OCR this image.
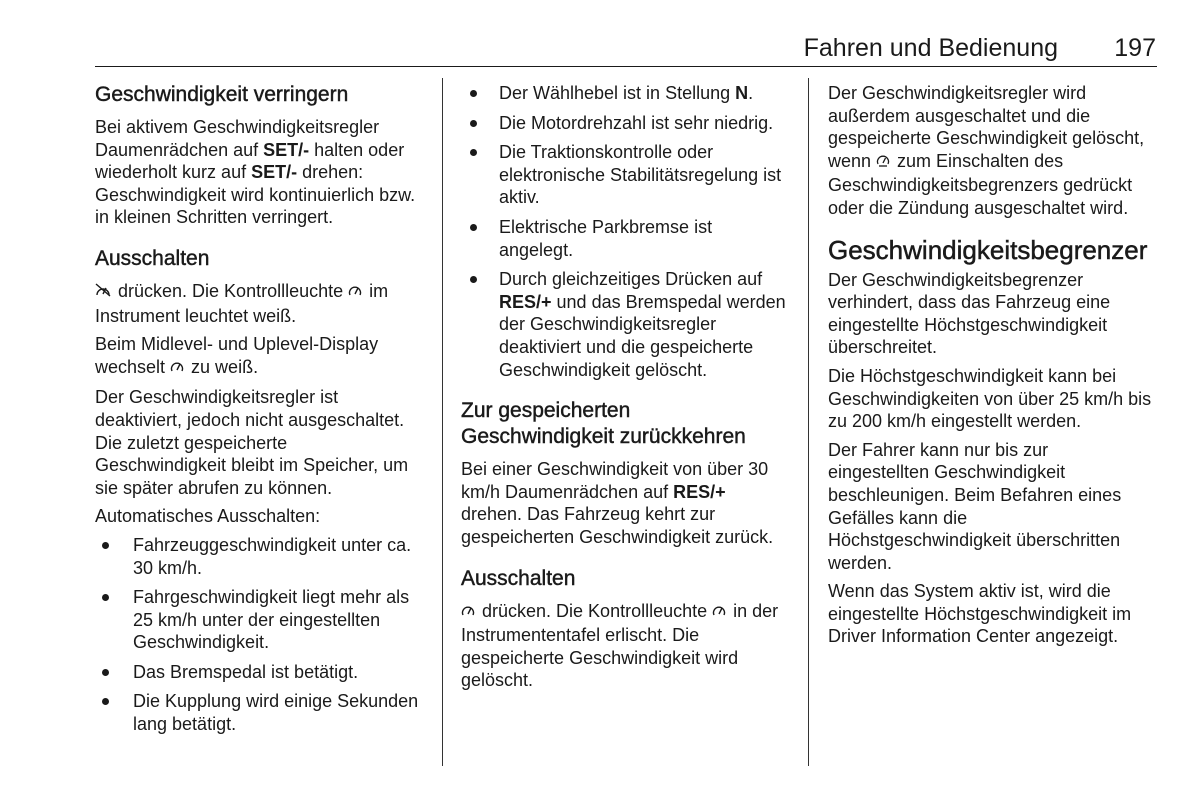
Fahren und Bedienung 197
Geschwindigkeit verringern

Bei aktivem Geschwindigkeitsregler Daumenrädchen auf SET/- halten oder wiederholt kurz auf SET/- drehen: Geschwindigkeit wird kontinuierlich bzw. in kleinen Schritten verringert.

Ausschalten

drücken. Die Kontrollleuchte  im Instrument leuchtet weiß.

Beim Midlevel- und Uplevel-Display wechselt  zu weiß.

Der Geschwindigkeitsregler ist deaktiviert, jedoch nicht ausgeschaltet. Die zuletzt gespeicherte Geschwindigkeit bleibt im Speicher, um sie später abrufen zu können.

Automatisches Ausschalten:

Fahrzeuggeschwindigkeit unter ca. 30 km/h.
Fahrgeschwindigkeit liegt mehr als 25 km/h unter der eingestellten Geschwindigkeit.
Das Bremspedal ist betätigt.
Die Kupplung wird einige Sekunden lang betätigt.
Der Wählhebel ist in Stellung N.
Die Motordrehzahl ist sehr niedrig.
Die Traktionskontrolle oder elektronische Stabilitätsregelung ist aktiv.
Elektrische Parkbremse ist angelegt.
Durch gleichzeitiges Drücken auf RES/+ und das Bremspedal werden der Geschwindigkeitsregler deaktiviert und die gespeicherte Geschwindigkeit gelöscht.
Zur gespeicherten Geschwindigkeit zurückkehren

Bei einer Geschwindigkeit von über 30 km/h Daumenrädchen auf RES/+ drehen. Das Fahrzeug kehrt zur gespeicherten Geschwindigkeit zurück.

Ausschalten

drücken. Die Kontrollleuchte  in der Instrumententafel erlischt. Die gespeicherte Geschwindigkeit wird gelöscht.

Der Geschwindigkeitsregler wird außerdem ausgeschaltet und die gespeicherte Geschwindigkeit gelöscht, wenn  zum Einschalten des Geschwindigkeitsbegrenzers gedrückt oder die Zündung ausgeschaltet wird.

Geschwindigkeitsbegrenzer

Der Geschwindigkeitsbegrenzer verhindert, dass das Fahrzeug eine eingestellte Höchstgeschwindigkeit überschreitet.

Die Höchstgeschwindigkeit kann bei Geschwindigkeiten von über 25 km/h bis zu 200 km/h eingestellt werden.

Der Fahrer kann nur bis zur eingestellten Geschwindigkeit beschleunigen. Beim Befahren eines Gefälles kann die Höchstgeschwindigkeit überschritten werden.

Wenn das System aktiv ist, wird die eingestellte Höchstgeschwindigkeit im Driver Information Center angezeigt.
